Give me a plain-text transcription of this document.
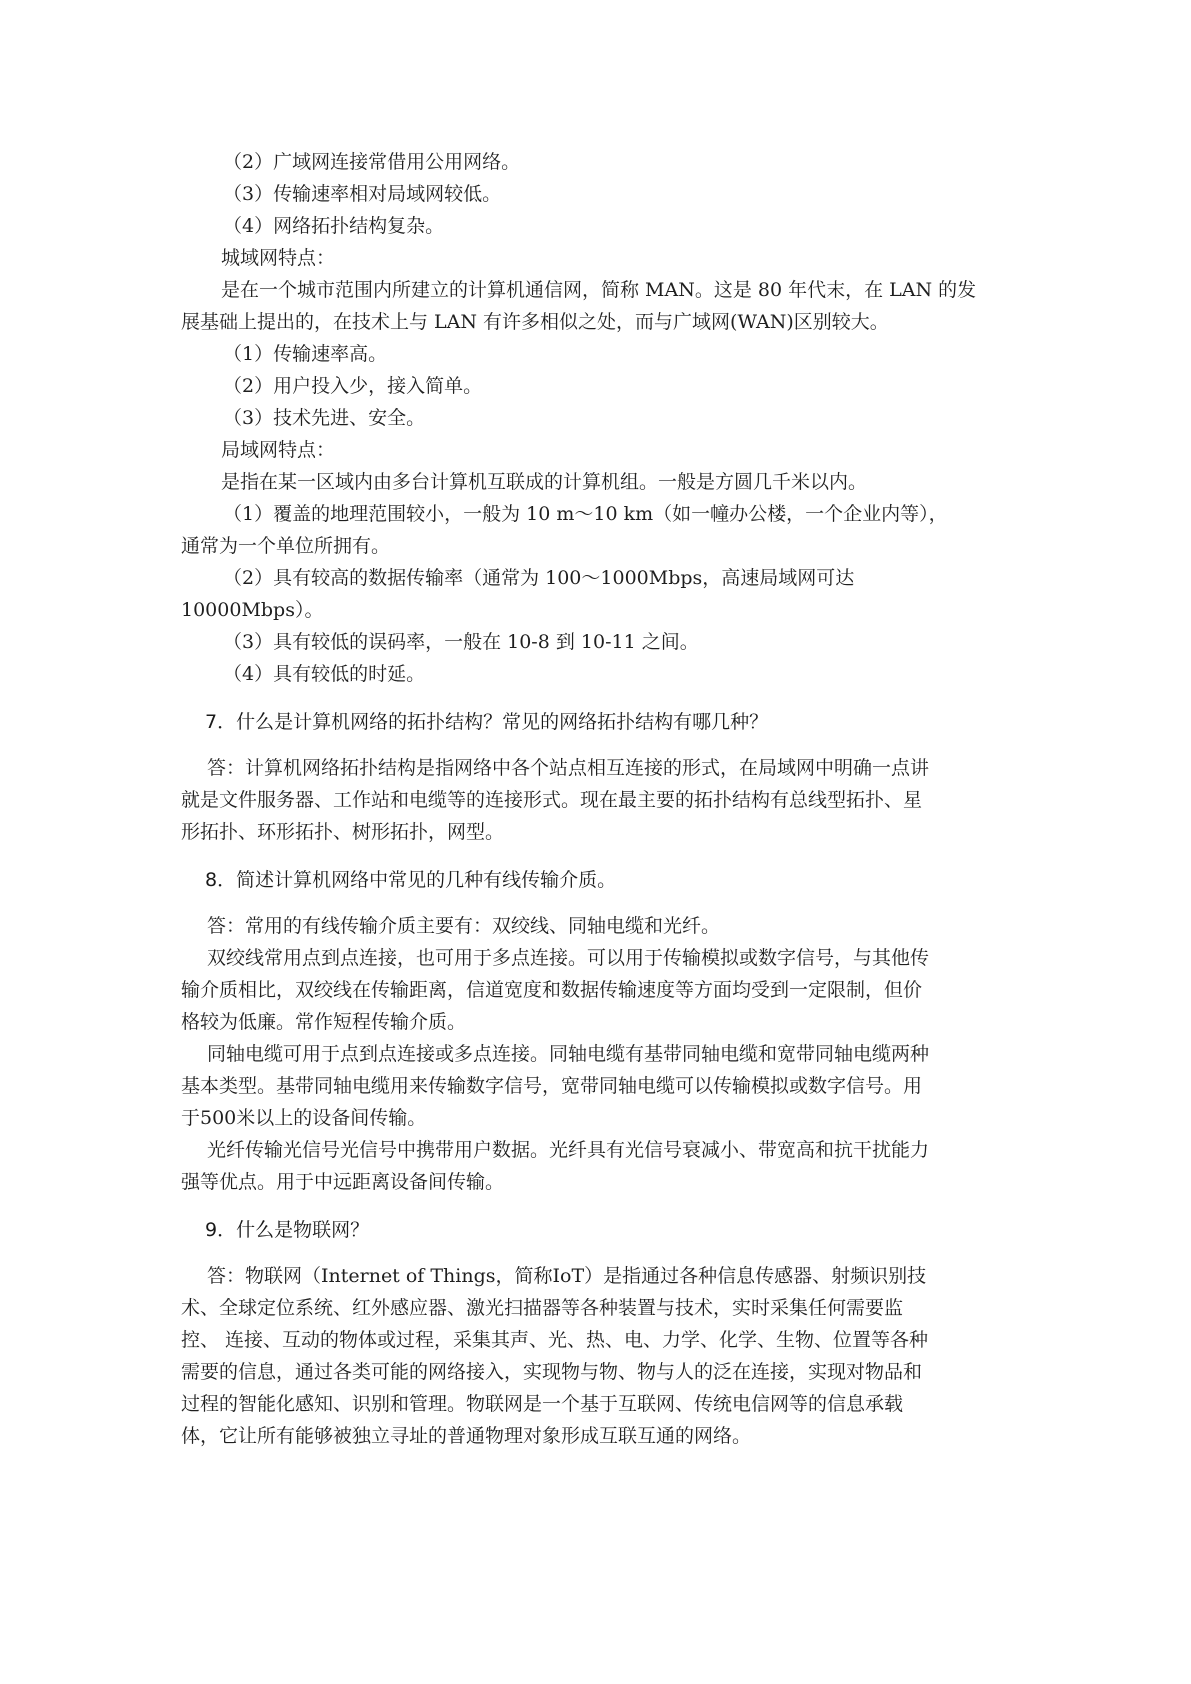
（2）广域网连接常借用公用网络。
（3）传输速率相对局域网较低。
（4）网络拓扑结构复杂。
城域网特点：
是在一个城市范围内所建立的计算机通信网，简称 MAN。这是 80 年代末，在 LAN 的发
展基础上提出的，在技术上与 LAN 有许多相似之处，而与广域网(WAN)区别较大。
（1）传输速率高。
（2）用户投入少，接入简单。
（3）技术先进、安全。
局域网特点：
是指在某一区域内由多台计算机互联成的计算机组。一般是方圆几千米以内。
（1）覆盖的地理范围较小，一般为 10 m～10 km（如一幢办公楼，一个企业内等），
通常为一个单位所拥有。
（2）具有较高的数据传输率（通常为 100～1000Mbps，高速局域网可达
10000Mbps）。
（3）具有较低的误码率，一般在 10-8 到 10-11 之间。
（4）具有较低的时延。
7．什么是计算机网络的拓扑结构？常见的网络拓扑结构有哪几种？
答：计算机网络拓扑结构是指网络中各个站点相互连接的形式，在局域网中明确一点讲
就是文件服务器、工作站和电缆等的连接形式。现在最主要的拓扑结构有总线型拓扑、星
形拓扑、环形拓扑、树形拓扑，网型。
8．简述计算机网络中常见的几种有线传输介质。
答：常用的有线传输介质主要有：双绞线、同轴电缆和光纤。
双绞线常用点到点连接，也可用于多点连接。可以用于传输模拟或数字信号，与其他传
输介质相比，双绞线在传输距离，信道宽度和数据传输速度等方面均受到一定限制，但价
格较为低廉。常作短程传输介质。
同轴电缆可用于点到点连接或多点连接。同轴电缆有基带同轴电缆和宽带同轴电缆两种
基本类型。基带同轴电缆用来传输数字信号，宽带同轴电缆可以传输模拟或数字信号。用
于500米以上的设备间传输。
光纤传输光信号光信号中携带用户数据。光纤具有光信号衰减小、带宽高和抗干扰能力
强等优点。用于中远距离设备间传输。
9．什么是物联网？
答：物联网（Internet of Things，简称IoT）是指通过各种信息传感器、射频识别技
术、全球定位系统、红外感应器、激光扫描器等各种装置与技术，实时采集任何需要监
控、 连接、互动的物体或过程，采集其声、光、热、电、力学、化学、生物、位置等各种
需要的信息，通过各类可能的网络接入，实现物与物、物与人的泛在连接，实现对物品和
过程的智能化感知、识别和管理。物联网是一个基于互联网、传统电信网等的信息承载
体，它让所有能够被独立寻址的普通物理对象形成互联互通的网络。
